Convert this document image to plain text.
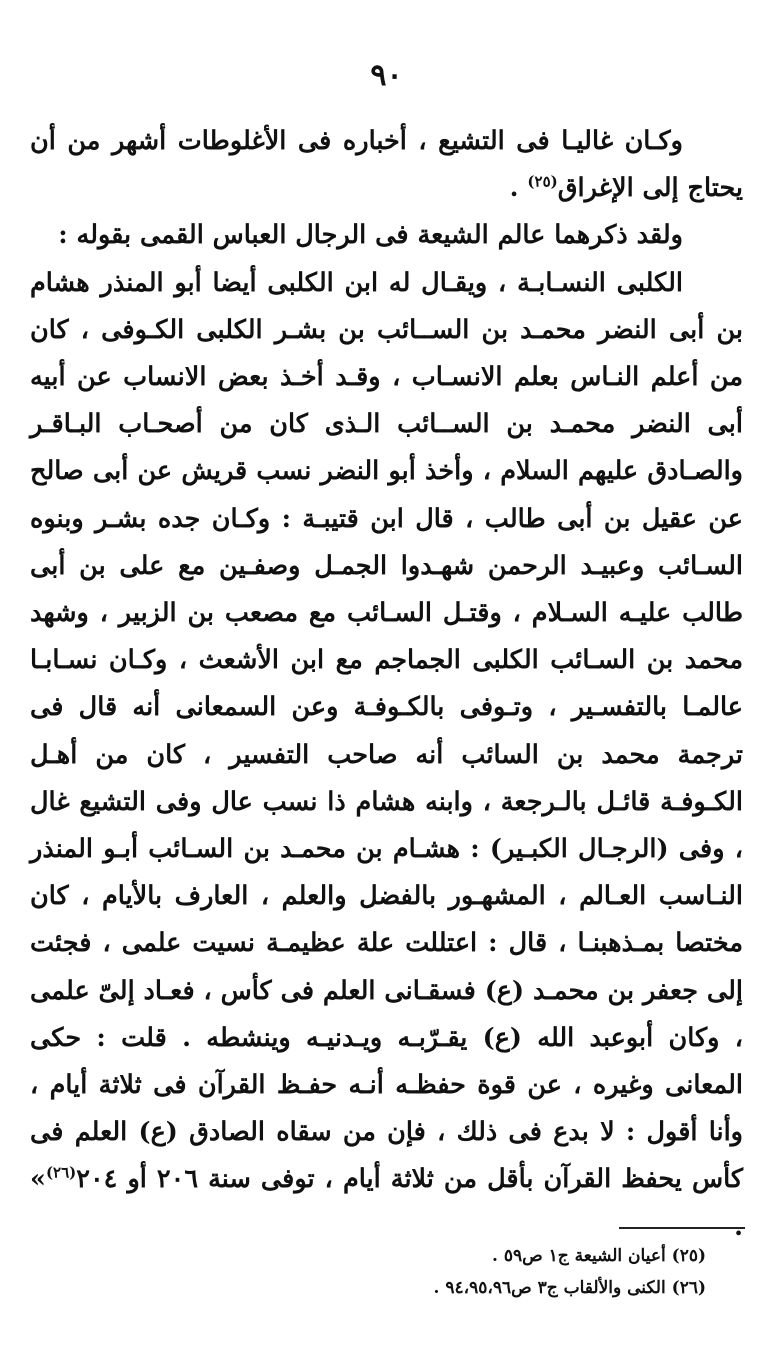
٩٠

وكـان غاليـا فى التشيع ، أخباره فى الأغلوطات أشهر من أن يحتاج إلى الإغراق$^{(٢٥)}$ .

ولقد ذكرهما عالم الشيعة فى الرجال العباس القمى بقوله :

الكلبى النسـابـة ، ويقـال له ابن الكلبى أيضا أبو المنذر هشام بن أبى النضر محمـد بن الســائب بن بشـر الكلبى الكـوفى ، كان من أعلم النـاس بعلم الانسـاب ، وقـد أخـذ بعض الانساب عن أبيه أبى النضر محمـد بن الســائب الـذى كان من أصحـاب البـاقـر والصـادق عليهم السلام ، وأخذ أبو النضر نسب قريش عن أبى صالح عن عقيل بن أبى طالب ، قال ابن قتيبـة : وكـان جده بشـر وبنوه السـائب وعبيـد الرحمن شهـدوا الجمـل وصفـين مع على بن أبى طالب عليـه السـلام ، وقتـل السـائب مع مصعب بن الزبير ، وشهد محمد بن السـائب الكلبى الجماجم مع ابن الأشعث ، وكـان نسـابـا عالمـا بالتفسـير ، وتـوفى بالكـوفـة وعن السمعانى أنه قال فى ترجمة محمد بن السائب أنه صاحب التفسير ، كان من أهـل الكـوفـة قائـل بالـرجعة ، وابنه هشام ذا نسب عال وفى التشيع غال ، وفى (الرجـال الكبـير) : هشـام بن محمـد بن السـائب أبـو المنذر النـاسب العـالم ، المشهـور بالفضل والعلم ، العارف بالأيام ، كان مختصا بمـذهبنـا ، قال : اعتللت علة عظيمـة نسيت علمى ، فجئت إلى جعفر بن محمـد (ع) فسقـانى العلم فى كأس ، فعـاد إلىّ علمى ، وكان أبوعبد الله (ع) يقـرّبـه ويـدنيـه وينشطه . قلت : حكى المعانى وغيره ، عن قوة حفظـه أنـه حفـظ القرآن فى ثلاثة أيام ، وأنا أقول : لا بدع فى ذلك ، فإن من سقاه الصادق (ع) العلم فى كأس يحفظ القرآن بأقل من ثلاثة أيام ، توفى سنة ٢٠٦ أو ٢٠٤$^{(٢٦)}$» .

(٢٥) أعيان الشيعة ج١ ص٥٩ .
(٢٦) الكنى والألقاب ج٣ ص٩٤،٩٥،٩٦ .
